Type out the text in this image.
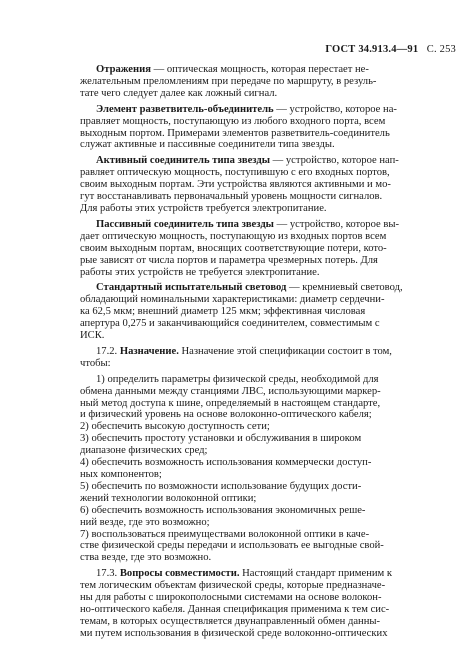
ГОСТ 34.913.4—91 С. 253

Отражения — оптическая мощность, которая перестает не-
желательным преломлениям при передаче по маршруту, в резуль-
тате чего следует далее как ложный сигнал.

Элемент разветвитель-объединитель — устройство, которое на-
правляет мощность, поступающую из любого входного порта, всем
выходным портом. Примерами элементов разветвитель-соединитель
служат активные и пассивные соединители типа звезды.

Активный соединитель типа звезды — устройство, которое нап-
равляет оптическую мощность, поступившую с его входных портов,
своим выходным портам. Эти устройства являются активными и мо-
гут восстанавливать первоначальный уровень мощности сигналов.
Для работы этих устройств требуется электропитание.

Пассивный соединитель типа звезды — устройство, которое вы-
дает оптическую мощность, поступающую из входных портов всем
своим выходным портам, вносящих соответствующие потери, кото-
рые зависят от числа портов и параметра чрезмерных потерь. Для
работы этих устройств не требуется электропитание.

Стандартный испытательный световод — кремниевый световод,
обладающий номинальными характеристиками: диаметр сердечни-
ка 62,5 мкм; внешний диаметр 125 мкм; эффективная числовая
апертура 0,275 и заканчивающийся соединителем, совместимым с
ИСК.

17.2. Назначение. Назначение этой спецификации состоит в том,
чтобы:

1) определить параметры физической среды, необходимой для
обмена данными между станциями ЛВС, использующими маркер-
ный метод доступа к шине, определяемый в настоящем стандарте,
и физический уровень на основе волоконно-оптического кабеля;
2) обеспечить высокую доступность сети;
3) обеспечить простоту установки и обслуживания в широком
диапазоне физических сред;
4) обеспечить возможность использования коммерчески доступ-
ных компонентов;
5) обеспечить по возможности использование будущих дости-
жений технологии волоконной оптики;
6) обеспечить возможность использования экономичных реше-
ний везде, где это возможно;
7) воспользоваться преимуществами волоконной оптики в каче-
стве физической среды передачи и использовать ее выгодные свой-
ства везде, где это возможно.

17.3. Вопросы совместимости. Настоящий стандарт применим к
тем логическим объектам физической среды, которые предназначе-
ны для работы с широкополосными системами на основе волокон-
но-оптического кабеля. Данная спецификация применима к тем сис-
темам, в которых осуществляется двунаправленный обмен данны-
ми путем использования в физической среде волоконно-оптических
